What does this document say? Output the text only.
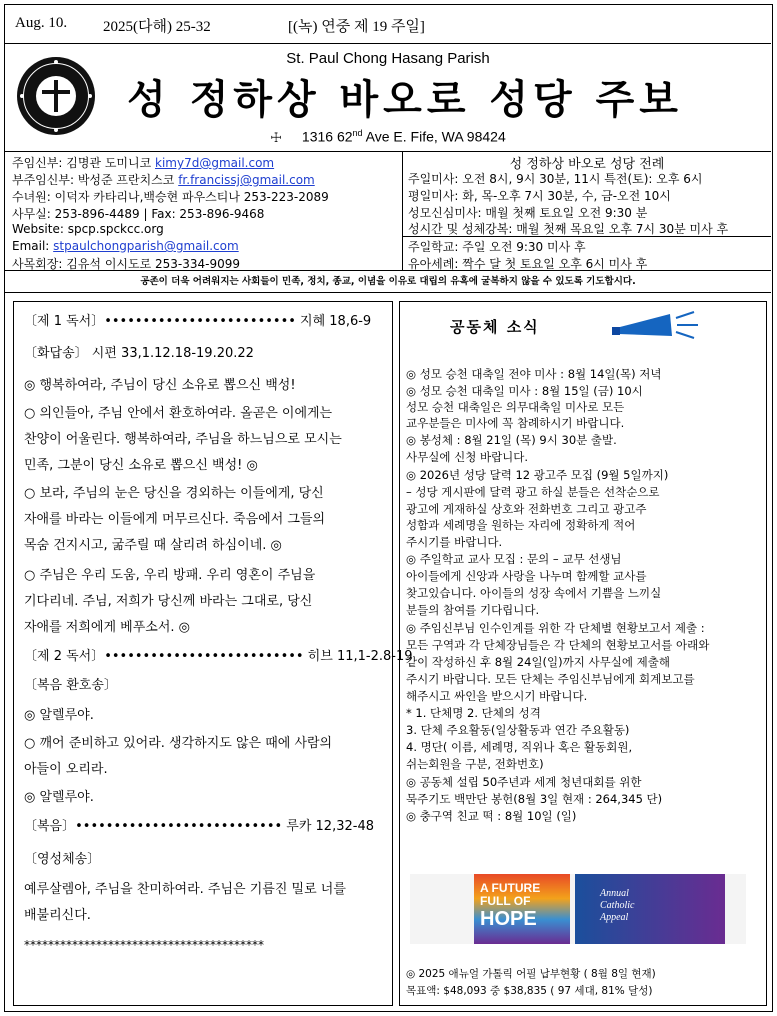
Aug. 10. 2025(다해) 25-32	[(녹) 연중 제 19 주일]
St. Paul Chong Hasang Parish
성 정하상 바오로 성당 주보
☩ 1316 62nd Ave E. Fife, WA 98424
주임신부: 김명관 도미니코 kimy7d@gmail.com
부주임신부: 박성준 프란치스코 fr.francissj@gmail.com
수녀원: 이덕자 카타리나,백승현 파우스티나 253-223-2089
사무실: 253-896-4489 | Fax: 253-896-9468
Website: spcp.spckcc.org
Email: stpaulchongparish@gmail.com
사목회장: 김유석 이시도로 253-334-9099
성 정하상 바오로 성당 전례
주일미사: 오전 8시, 9시 30분, 11시 특전(토): 오후 6시
평일미사: 화, 목-오후 7시 30분, 수, 금-오전 10시
성모신심미사: 매월 첫째 토요일 오전 9:30 분
성시간 및 성체강복: 매월 첫째 목요일 오후 7시 30분 미사 후
주일학교: 주일 오전 9:30 미사 후
유아세례: 짝수 달 첫 토요일 오후 6시 미사 후
공존이 더욱 어려워지는 사회들이 민족, 정치, 종교, 이념을 이유로 대립의 유혹에 굴복하지 않을 수 있도록 기도합시다.
〔제 1 독서〕••••••••••••••••••••••••• 지혜 18,6-9
〔화답송〕 시편 33,1.12.18-19.20.22
◎ 행복하여라, 주님이 당신 소유로 뽑으신 백성!
○ 의인들아, 주님 안에서 환호하여라. 올곧은 이에게는
찬양이 어울린다. 행복하여라, 주님을 하느님으로 모시는
민족, 그분이 당신 소유로 뽑으신 백성! ◎
○ 보라, 주님의 눈은 당신을 경외하는 이들에게, 당신
자애를 바라는 이들에게 머무르신다. 죽음에서 그들의
목숨 건지시고, 굶주릴 때 살리려 하심이네. ◎
○ 주님은 우리 도움, 우리 방패. 우리 영혼이 주님을
기다리네. 주님, 저희가 당신께 바라는 그대로, 당신
자애를 저희에게 베푸소서. ◎
〔제 2 독서〕•••••••••••••••••••••••••• 히브 11,1-2.8-19
〔복음 환호송〕
◎ 알렐루야.
○ 깨어 준비하고 있어라. 생각하지도 않은 때에 사람의
아들이 오리라.
◎ 알렐루야.
〔복음〕••••••••••••••••••••••••••• 루카 12,32-48
〔영성체송〕
예루살렘아, 주님을 찬미하여라. 주님은 기름진 밀로 너를
배불리신다.
****************************************
공동체 소식
A FUTURE
FULL OF
HOPE
Annual
Catholic
Appeal
◎ 성모 승천 대축일 전야 미사 : 8월 14일(목) 저녁
◎ 성모 승천 대축일 미사 : 8월 15일 (금) 10시
성모 승천 대축일은 의무대축일 미사로 모든
교우분들은 미사에 꼭 참례하시기 바랍니다.
◎ 봉성체 : 8월 21일 (목) 9시 30분 출발.
사무실에 신청 바랍니다.
◎ 2026년 성당 달력 12 광고주 모집 (9월 5일까지)
– 성당 게시판에 달력 광고 하실 분들은 선착순으로
광고에 게재하실 상호와 전화번호 그리고 광고주
성함과 세례명을 원하는 자리에 정확하게 적어
주시기를 바랍니다.
◎ 주일학교 교사 모집 : 문의 – 교무 선생님
아이들에게 신앙과 사랑을 나누며 함께할 교사를
찾고있습니다. 아이들의 성장 속에서 기쁨을 느끼실
분들의 참여를 기다립니다.
◎ 주임신부님 인수인계를 위한 각 단체별 현황보고서 제출 :
모든 구역과 각 단체장님들은 각 단체의 현황보고서를 아래와
같이 작성하신 후 8월 24일(일)까지 사무실에 제출해
주시기 바랍니다. 모든 단체는 주임신부님에게 회계보고를
해주시고 싸인을 받으시기 바랍니다.
* 1. 단체명 2. 단체의 성격
3. 단체 주요활동(일상활동과 연간 주요활동)
4. 명단( 이름, 세례명, 직위나 혹은 활동회원,
쉬는회원을 구분, 전화번호)
◎ 공동체 설립 50주년과 세계 청년대회를 위한
묵주기도 백만단 봉헌(8월 3일 현재 : 264,345 단)
◎ 충구역 친교 떡 : 8월 10일 (일)
◎ 2025 애뉴얼 가톨릭 어필 납부현황 ( 8월 8일 현재)
목표액: $48,093 중 $38,835 ( 97 세대, 81% 달성)
